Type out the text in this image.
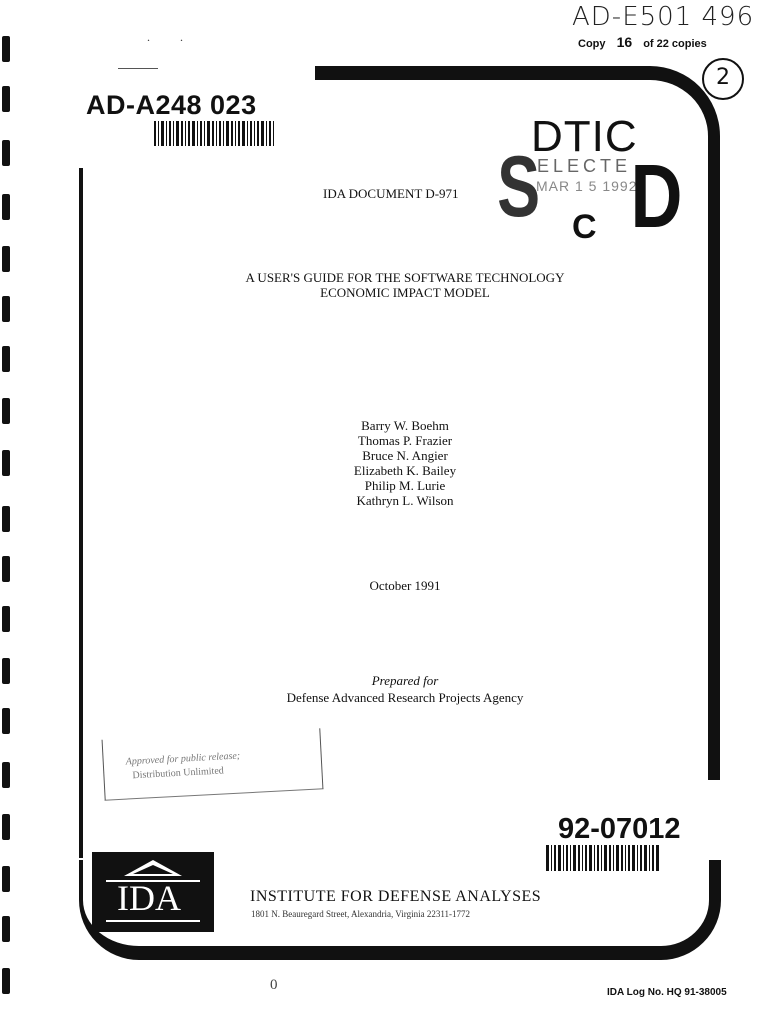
..
AD-E501 496
Copy 16 of 22 copies
2
AD-A248 023
DTIC
ELECTE
MAR 1 5 1992
S D
C
IDA DOCUMENT D-971
A USER'S GUIDE FOR THE SOFTWARE TECHNOLOGY
ECONOMIC IMPACT MODEL
Barry W. Boehm
Thomas P. Frazier
Bruce N. Angier
Elizabeth K. Bailey
Philip M. Lurie
Kathryn L. Wilson
October 1991
Prepared for
Defense Advanced Research Projects Agency
Approved for public release;
Distribution Unlimited
92-07012
IDA	INSTITUTE FOR DEFENSE ANALYSES
1801 N. Beauregard Street, Alexandria, Virginia 22311-1772
0	IDA Log No. HQ 91-38005
